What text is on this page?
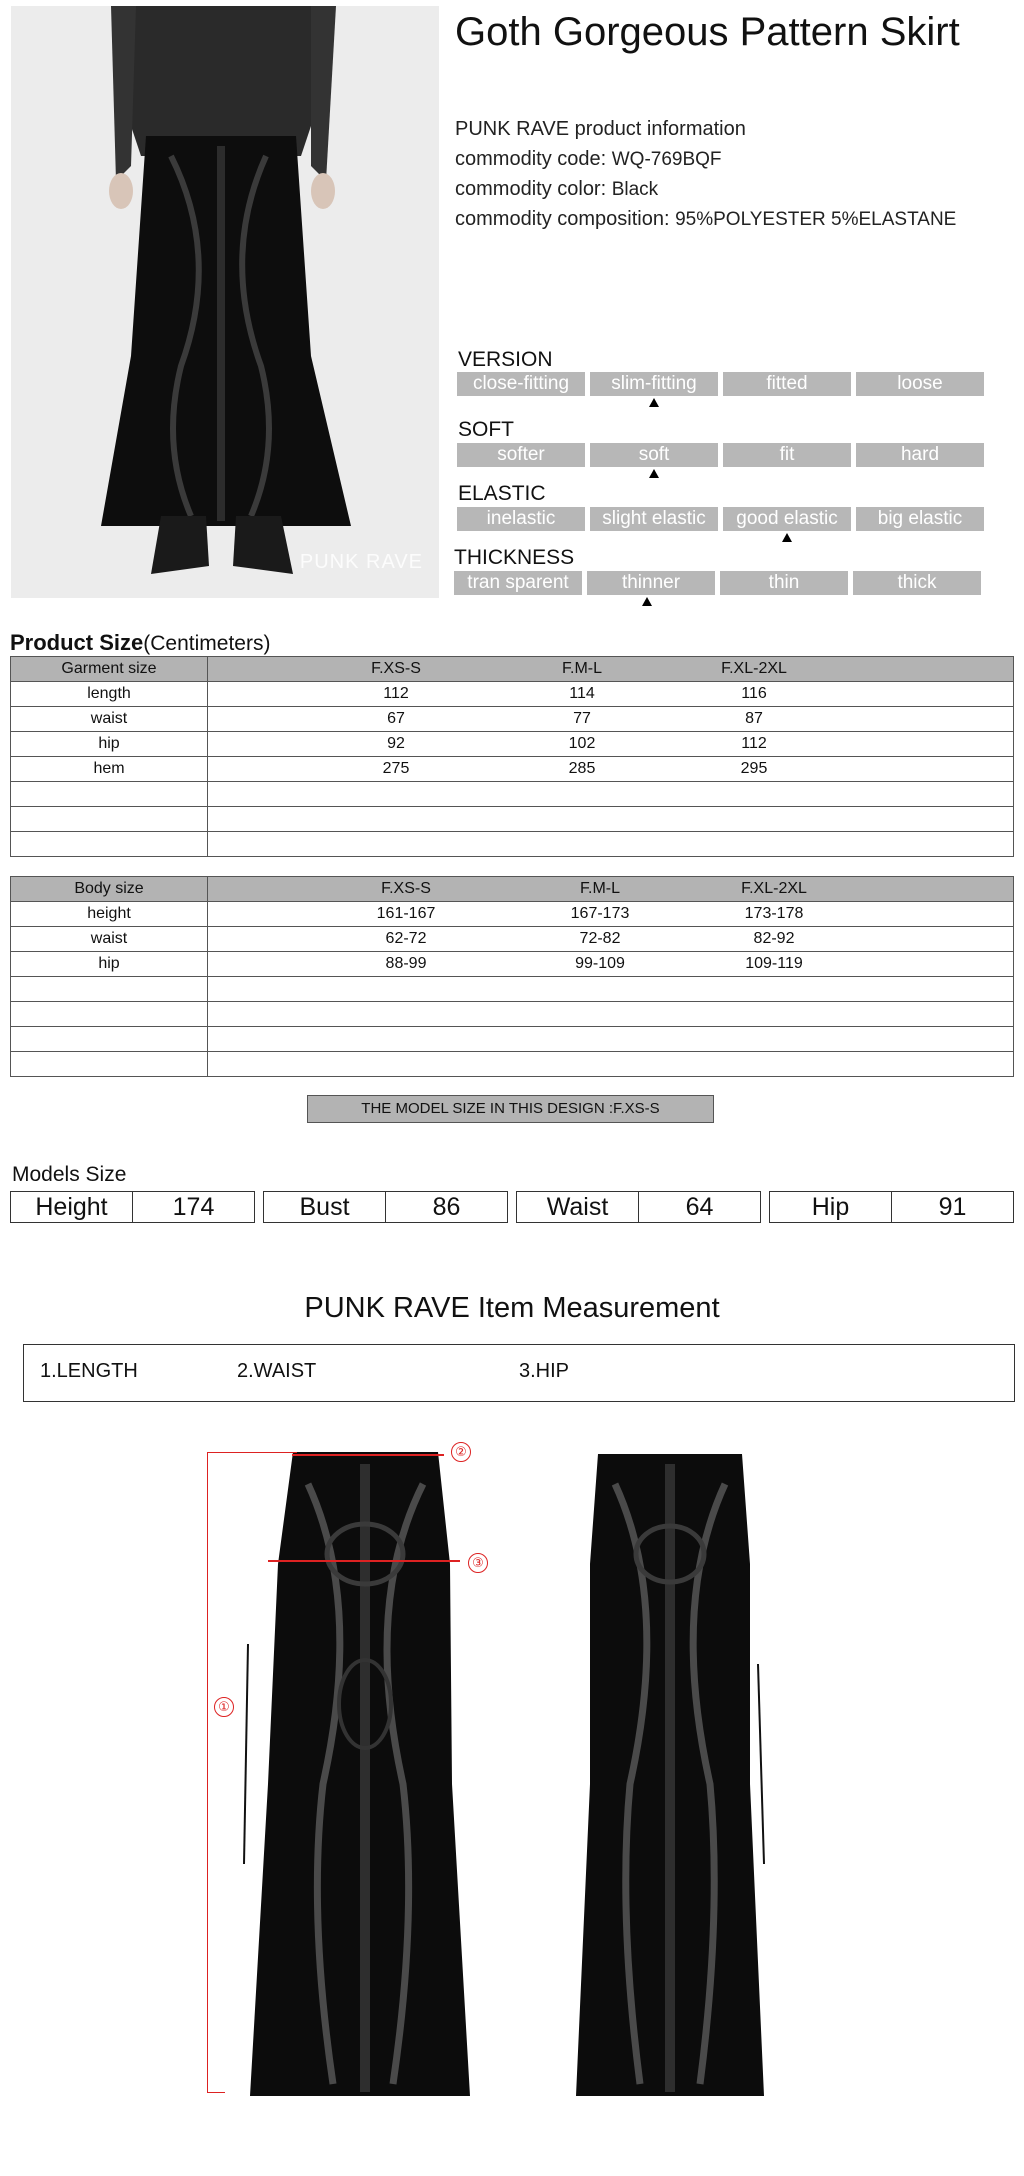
PUNK RAVE
Goth Gorgeous Pattern Skirt
PUNK RAVE product information
commodity code: WQ-769BQF
commodity color: Black
commodity composition: 95%POLYESTER 5%ELASTANE
VERSION
close-fitting	slim-fitting	fitted	loose
SOFT
softer	soft	fit	hard
ELASTIC
inelastic	slight elastic	good elastic	big elastic
THICKNESS
tran sparent	thinner	thin	thick
Product Size(Centimeters)
Garment size	F.XS-S F.M-L F.XL-2XL

length	112 114 116

waist	67 77 87

hip	92 102 112

hem	275 285 295

Body size	F.XS-S F.M-L F.XL-2XL

height	161-167 167-173 173-178

waist	62-72 72-82 82-92

hip	88-99 99-109 109-119

THE MODEL SIZE IN THIS DESIGN :F.XS-S
Models Size
Height	174		Bust	86		Waist	64		Hip	91
PUNK RAVE Item Measurement
1.LENGTH	2.WAIST	3.HIP
②
③
①
